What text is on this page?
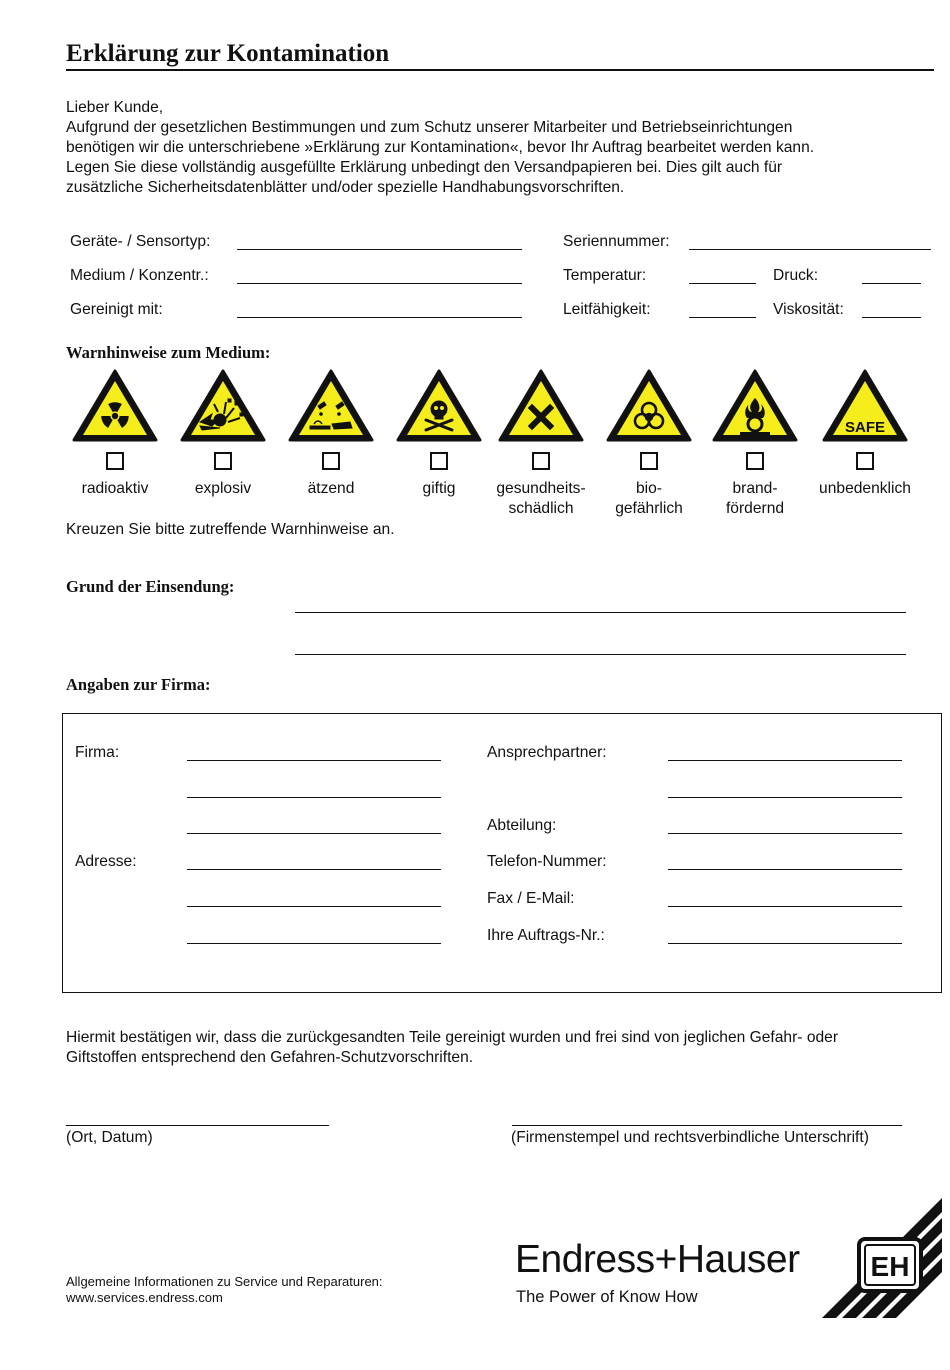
Erklärung zur Kontamination
Lieber Kunde,
Aufgrund der gesetzlichen Bestimmungen und zum Schutz unserer Mitarbeiter und Betriebseinrichtungen
benötigen wir die unterschriebene »Erklärung zur Kontamination«, bevor Ihr Auftrag bearbeitet werden kann.
Legen Sie diese vollständig ausgefüllte Erklärung unbedingt den Versandpapieren bei. Dies gilt auch für
zusätzliche Sicherheitsdatenblätter und/oder spezielle Handhabungsvorschriften.
Geräte- / Sensortyp:	Seriennummer:
Medium / Konzentr.:	Temperatur:	Druck:
Gereinigt mit:	Leitfähigkeit:	Viskosität:
Warnhinweise zum Medium:
radioaktiv	explosiv	ätzend	giftig	gesundheits-
schädlich
bio-
gefährlich
brand-
fördernd
SAFE
unbedenklich
Kreuzen Sie bitte zutreffende Warnhinweise an.
Grund der Einsendung:
Angaben zur Firma:
Firma:
Adresse:
Ansprechpartner:
Abteilung:
Telefon-Nummer:
Fax / E-Mail:
Ihre Auftrags-Nr.:
Hiermit bestätigen wir, dass die zurückgesandten Teile gereinigt wurden und frei sind von jeglichen Gefahr- oder
Giftstoffen entsprechend den Gefahren-Schutzvorschriften.
(Ort, Datum)	(Firmenstempel und rechtsverbindliche Unterschrift)
Allgemeine Informationen zu Service und Reparaturen:
www.services.endress.com
Endress+Hauser
The Power of Know How
EH
